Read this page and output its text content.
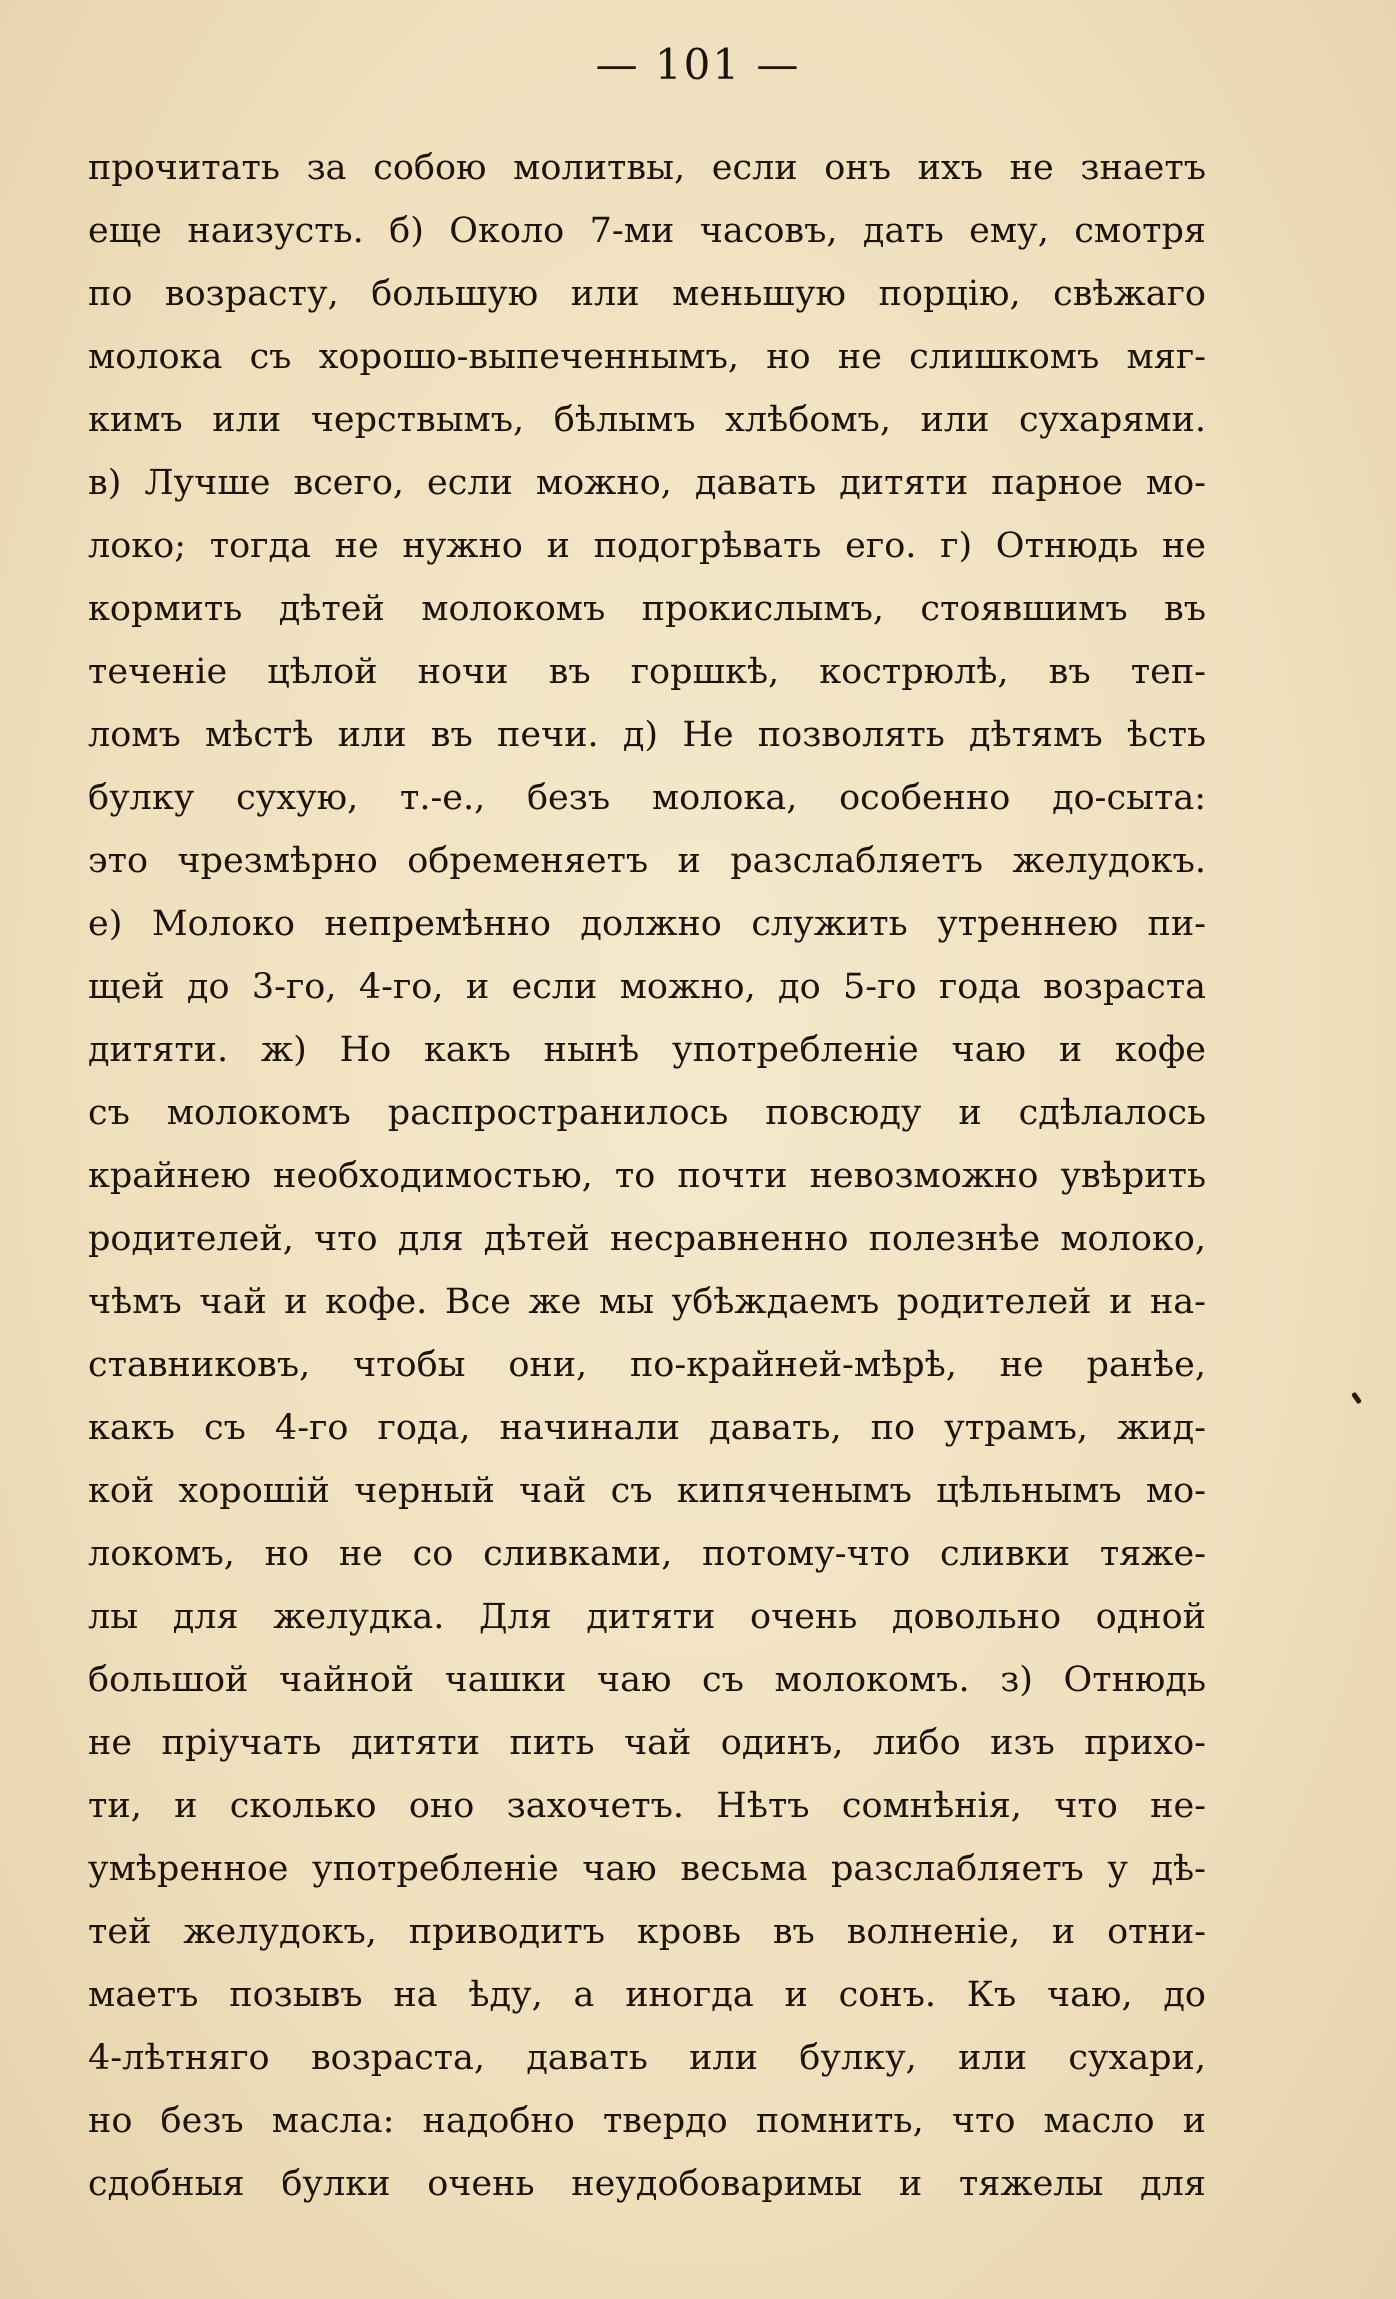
— 101 —
прочитать за собою молитвы, если онъ ихъ не знаетъ
еще наизусть. б) Около 7-ми часовъ, дать ему, смотря
по возрасту, большую или меньшую порцію, свѣжаго
молока съ хорошо-выпеченнымъ, но не слишкомъ мяг-
кимъ или черствымъ, бѣлымъ хлѣбомъ, или сухарями.
в) Лучше всего, если можно, давать дитяти парное мо-
локо; тогда не нужно и подогрѣвать его. г) Отнюдь не
кормить дѣтей молокомъ прокислымъ, стоявшимъ въ
теченіе цѣлой ночи въ горшкѣ, кострюлѣ, въ теп-
ломъ мѣстѣ или въ печи. д) Не позволять дѣтямъ ѣсть
булку сухую, т.-е., безъ молока, особенно до-сыта:
это чрезмѣрно обременяетъ и разслабляетъ желудокъ.
е) Молоко непремѣнно должно служить утреннею пи-
щей до 3-го, 4-го, и если можно, до 5-го года возраста
дитяти. ж) Но какъ нынѣ употребленіе чаю и кофе
съ молокомъ распространилось повсюду и сдѣлалось
крайнею необходимостью, то почти невозможно увѣрить
родителей, что для дѣтей несравненно полезнѣе молоко,
чѣмъ чай и кофе. Все же мы убѣждаемъ родителей и на-
ставниковъ, чтобы они, по-крайней-мѣрѣ, не ранѣе,
какъ съ 4-го года, начинали давать, по утрамъ, жид-
кой хорошій черный чай съ кипяченымъ цѣльнымъ мо-
локомъ, но не со сливками, потому-что сливки тяже-
лы для желудка. Для дитяти очень довольно одной
большой чайной чашки чаю съ молокомъ. з) Отнюдь
не пріучать дитяти пить чай одинъ, либо изъ прихо-
ти, и сколько оно захочетъ. Нѣтъ сомнѣнія, что не-
умѣренное употребленіе чаю весьма разслабляетъ у дѣ-
тей желудокъ, приводитъ кровь въ волненіе, и отни-
маетъ позывъ на ѣду, а иногда и сонъ. Къ чаю, до
4-лѣтняго возраста, давать или булку, или сухари,
но безъ масла: надобно твердо помнить, что масло и
сдобныя булки очень неудобоваримы и тяжелы для
